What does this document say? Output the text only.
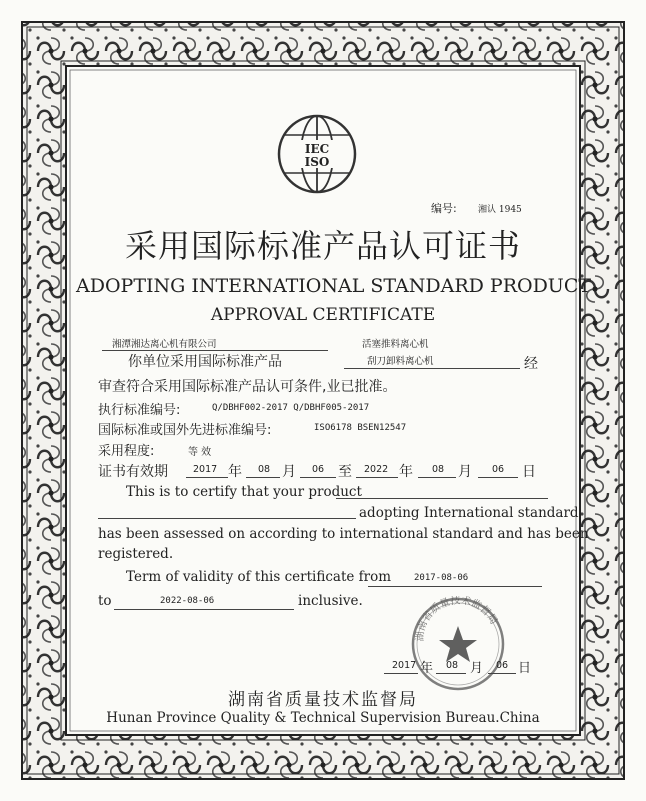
IEC
ISO
编号: 湘认 1945
采用国际标准产品认可证书
ADOPTING INTERNATIONAL STANDARD PRODUCT
APPROVAL CERTIFICATE
湘潭湘达离心机有限公司	活塞推料离心机
你单位采用国际标准产品	刮刀卸料离心机	经
审查符合采用国际标准产品认可条件,业已批准。
执行标准编号:	Q/DBHF002-2017 Q/DBHF005-2017
国际标准或国外先进标准编号:	ISO6178 BSEN12547
采用程度:	等 效
证书有效期	2017 年 08 月 06 至 2022 年 08 月 06 日
This is to certify that your product
adopting International standard
has been assessed on according to international standard and has been
registered.
Term of validity of this certificate from	2017-08-06
to	2022-08-06	inclusive.
湖南省质量技术监督局
2017 年 08 月 06 日
湖南省质量技术监督局
Hunan Province Quality & Technical Supervision Bureau.China
